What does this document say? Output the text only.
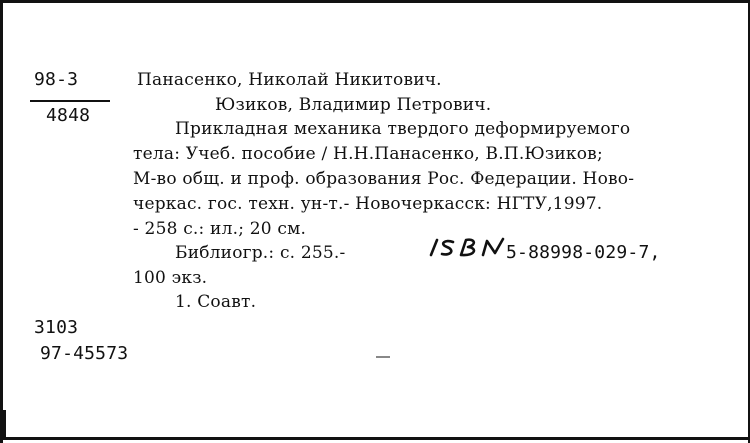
98-3
4848
Панасенко, Николай Никитович.
Юзиков, Владимир Петрович.
Прикладная механика твердого деформируемого
тела: Учеб. пособие / Н.Н.Панасенко, В.П.Юзиков;
М-во общ. и проф. образования Рос. Федерации. Ново-
черкас. гос. техн. ун-т.- Новочеркасск: НГТУ,1997.
- 258 с.: ил.; 20 см.
Библиогр.: с. 255.-	5-88998-029-7,
100 экз.
1. Соавт.
3103
97-45573
